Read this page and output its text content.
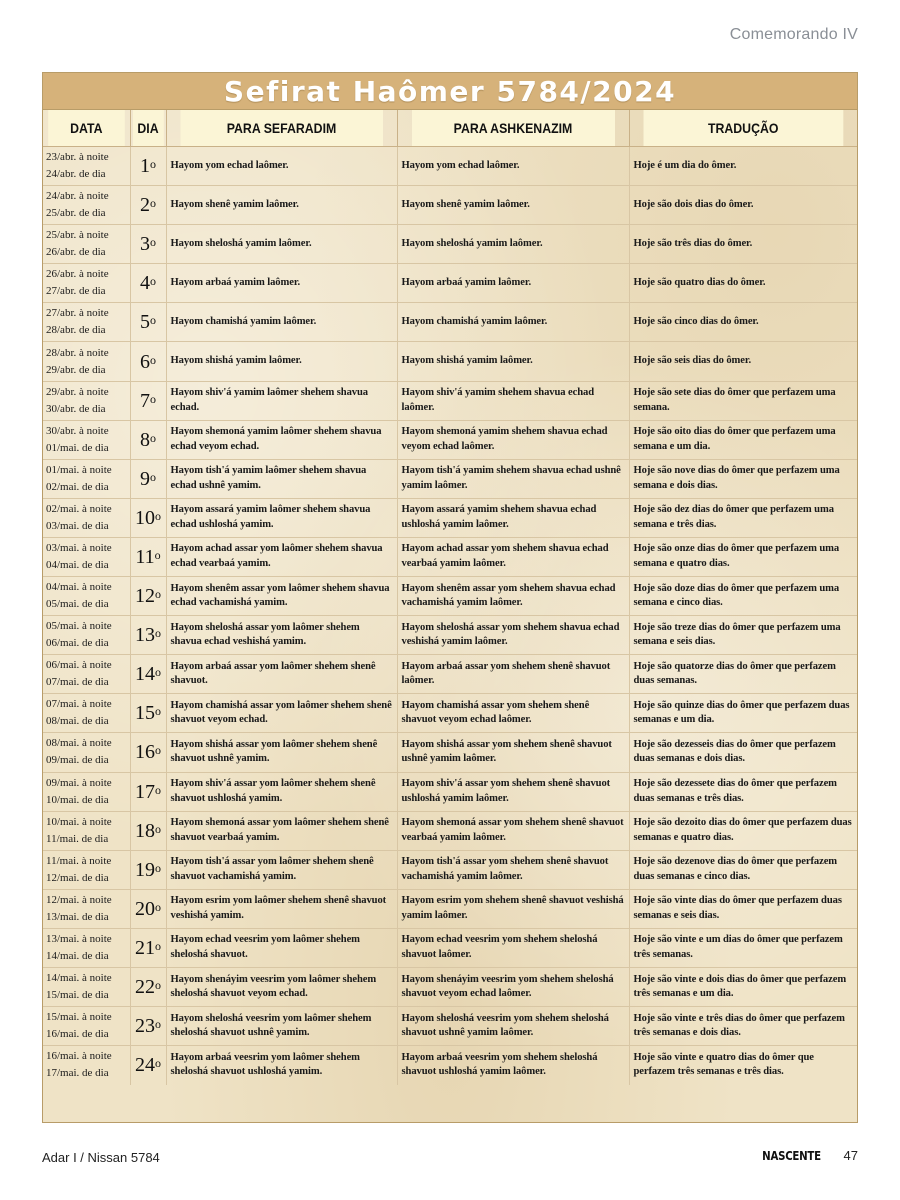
Comemorando IV
Sefirat Haômer 5784/2024
DATA	DIA	PARA SEFARADIM	PARA ASHKENAZIM	TRADUÇÃO

23/abr. à noite
24/abr. de dia	1$^o$	Hayom yom echad laômer.	Hayom yom echad laômer.	Hoje é um dia do ômer.

24/abr. à noite
25/abr. de dia	2$^o$	Hayom shenê yamim laômer.	Hayom shenê yamim laômer.	Hoje são dois dias do ômer.

25/abr. à noite
26/abr. de dia	3$^o$	Hayom sheloshá yamim laômer.	Hayom sheloshá yamim laômer.	Hoje são três dias do ômer.

26/abr. à noite
27/abr. de dia	4$^o$	Hayom arbaá yamim laômer.	Hayom arbaá yamim laômer.	Hoje são quatro dias do ômer.

27/abr. à noite
28/abr. de dia	5$^o$	Hayom chamishá yamim laômer.	Hayom chamishá yamim laômer.	Hoje são cinco dias do ômer.

28/abr. à noite
29/abr. de dia	6$^o$	Hayom shishá yamim laômer.	Hayom shishá yamim laômer.	Hoje são seis dias do ômer.

29/abr. à noite
30/abr. de dia	7$^o$	Hayom shiv'á yamim laômer shehem shavua echad.	Hayom shiv'á yamim shehem shavua echad laômer.	Hoje são sete dias do ômer que perfazem uma semana.

30/abr. à noite
01/mai. de dia	8$^o$	Hayom shemoná yamim laômer shehem shavua echad veyom echad.	Hayom shemoná yamim shehem shavua echad veyom echad laômer.	Hoje são oito dias do ômer que perfazem uma semana e um dia.

01/mai. à noite
02/mai. de dia	9$^o$	Hayom tish'á yamim laômer shehem shavua echad ushnê yamim.	Hayom tish'á yamim shehem shavua echad ushnê yamim laômer.	Hoje são nove dias do ômer que perfazem uma semana e dois dias.

02/mai. à noite
03/mai. de dia	10$^o$	Hayom assará yamim laômer shehem shavua echad ushloshá yamim.	Hayom assará yamim shehem shavua echad ushloshá yamim laômer.	Hoje são dez dias do ômer que perfazem uma semana e três dias.

03/mai. à noite
04/mai. de dia	11$^o$	Hayom achad assar yom laômer shehem shavua echad vearbaá yamim.	Hayom achad assar yom shehem shavua echad vearbaá yamim laômer.	Hoje são onze dias do ômer que perfazem uma semana e quatro dias.

04/mai. à noite
05/mai. de dia	12$^o$	Hayom shenêm assar yom laômer shehem shavua echad vachamishá yamim.	Hayom shenêm assar yom shehem shavua echad vachamishá yamim laômer.	Hoje são doze dias do ômer que perfazem uma semana e cinco dias.

05/mai. à noite
06/mai. de dia	13$^o$	Hayom sheloshá assar yom laômer shehem shavua echad veshishá yamim.	Hayom sheloshá assar yom shehem shavua echad veshishá yamim laômer.	Hoje são treze dias do ômer que perfazem uma semana e seis dias.

06/mai. à noite
07/mai. de dia	14$^o$	Hayom arbaá assar yom laômer shehem shenê shavuot.	Hayom arbaá assar yom shehem shenê shavuot laômer.	Hoje são quatorze dias do ômer que perfazem duas semanas.

07/mai. à noite
08/mai. de dia	15$^o$	Hayom chamishá assar yom laômer shehem shenê shavuot veyom echad.	Hayom chamishá assar yom shehem shenê shavuot veyom echad laômer.	Hoje são quinze dias do ômer que perfazem duas semanas e um dia.

08/mai. à noite
09/mai. de dia	16$^o$	Hayom shishá assar yom laômer shehem shenê shavuot ushnê yamim.	Hayom shishá assar yom shehem shenê shavuot ushnê yamim laômer.	Hoje são dezesseis dias do ômer que perfazem duas semanas e dois dias.

09/mai. à noite
10/mai. de dia	17$^o$	Hayom shiv'á assar yom laômer shehem shenê shavuot ushloshá yamim.	Hayom shiv'á assar yom shehem shenê shavuot ushloshá yamim laômer.	Hoje são dezessete dias do ômer que perfazem duas semanas e três dias.

10/mai. à noite
11/mai. de dia	18$^o$	Hayom shemoná assar yom laômer shehem shenê shavuot vearbaá yamim.	Hayom shemoná assar yom shehem shenê shavuot vearbaá yamim laômer.	Hoje são dezoito dias do ômer que perfazem duas semanas e quatro dias.

11/mai. à noite
12/mai. de dia	19$^o$	Hayom tish'á assar yom laômer shehem shenê shavuot vachamishá yamim.	Hayom tish'á assar yom shehem shenê shavuot vachamishá yamim laômer.	Hoje são dezenove dias do ômer que perfazem duas semanas e cinco dias.

12/mai. à noite
13/mai. de dia	20$^o$	Hayom esrim yom laômer shehem shenê shavuot veshishá yamim.	Hayom esrim yom shehem shenê shavuot veshishá yamim laômer.	Hoje são vinte dias do ômer que perfazem duas semanas e seis dias.

13/mai. à noite
14/mai. de dia	21$^o$	Hayom echad veesrim yom laômer shehem sheloshá shavuot.	Hayom echad veesrim yom shehem sheloshá shavuot laômer.	Hoje são vinte e um dias do ômer que perfazem três semanas.

14/mai. à noite
15/mai. de dia	22$^o$	Hayom shenáyim veesrim yom laômer shehem sheloshá shavuot veyom echad.	Hayom shenáyim veesrim yom shehem sheloshá shavuot veyom echad laômer.	Hoje são vinte e dois dias do ômer que perfazem três semanas e um dia.

15/mai. à noite
16/mai. de dia	23$^o$	Hayom sheloshá veesrim yom laômer shehem sheloshá shavuot ushnê yamim.	Hayom sheloshá veesrim yom shehem sheloshá shavuot ushnê yamim laômer.	Hoje são vinte e três dias do ômer que perfazem três semanas e dois dias.

16/mai. à noite
17/mai. de dia	24$^o$	Hayom arbaá veesrim yom laômer shehem sheloshá shavuot ushloshá yamim.	Hayom arbaá veesrim yom shehem sheloshá shavuot ushloshá yamim laômer.	Hoje são vinte e quatro dias do ômer que perfazem três semanas e três dias.
Adar I / Nissan 5784	NASCENTE 47
